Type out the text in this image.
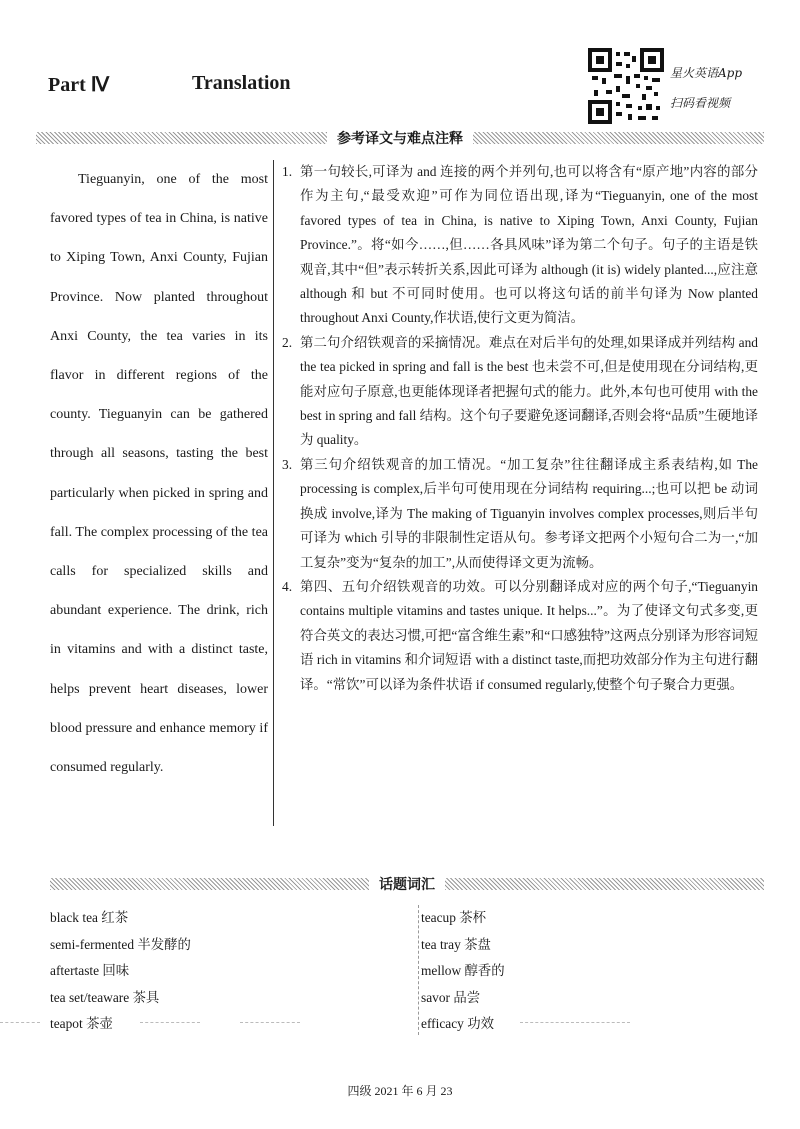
Part Ⅳ	Translation	星火英语App
扫码看视频
参考译文与难点注释
Tieguanyin, one of the most favored types of tea in China, is native to Xiping Town, Anxi County, Fujian Province. Now planted throughout Anxi County, the tea varies in its flavor in different regions of the county. Tieguanyin can be gathered through all seasons, tasting the best particularly when picked in spring and fall. The complex processing of the tea calls for specialized skills and abundant experience. The drink, rich in vitamins and with a distinct taste, helps prevent heart diseases, lower blood pressure and enhance memory if consumed regularly.
1. 第一句较长,可译为 and 连接的两个并列句,也可以将含有“原产地”内容的部分作为主句,“最受欢迎”可作为同位语出现,译为“Tieguanyin, one of the most favored types of tea in China, is native to Xiping Town, Anxi County, Fujian Province.”。将“如今……,但……各具风味”译为第二个句子。句子的主语是铁观音,其中“但”表示转折关系,因此可译为 although (it is) widely planted...,应注意 although 和 but 不可同时使用。也可以将这句话的前半句译为 Now planted throughout Anxi County,作状语,使行文更为简洁。
2. 第二句介绍铁观音的采摘情况。难点在对后半句的处理,如果译成并列结构 and the tea picked in spring and fall is the best 也未尝不可,但是使用现在分词结构,更能对应句子原意,也更能体现译者把握句式的能力。此外,本句也可使用 with the best in spring and fall 结构。这个句子要避免逐词翻译,否则会将“品质”生硬地译为 quality。
3. 第三句介绍铁观音的加工情况。“加工复杂”往往翻译成主系表结构,如 The processing is complex,后半句可使用现在分词结构 requiring...;也可以把 be 动词换成 involve,译为 The making of Tiguanyin involves complex processes,则后半句可译为 which 引导的非限制性定语从句。参考译文把两个小短句合二为一,“加工复杂”变为“复杂的加工”,从而使得译文更为流畅。
4. 第四、五句介绍铁观音的功效。可以分别翻译成对应的两个句子,“Tieguanyin contains multiple vitamins and tastes unique. It helps...”。为了使译文句式多变,更符合英文的表达习惯,可把“富含维生素”和“口感独特”这两点分别译为形容词短语 rich in vitamins 和介词短语 with a distinct taste,而把功效部分作为主句进行翻译。“常饮”可以译为条件状语 if consumed regularly,使整个句子聚合力更强。
话题词汇
black tea 红茶
semi-fermented 半发酵的
aftertaste 回味
tea set/teaware 茶具
teapot 茶壶
teacup 茶杯
tea tray 茶盘
mellow 醇香的
savor 品尝
efficacy 功效
四级 2021 年 6 月 23
